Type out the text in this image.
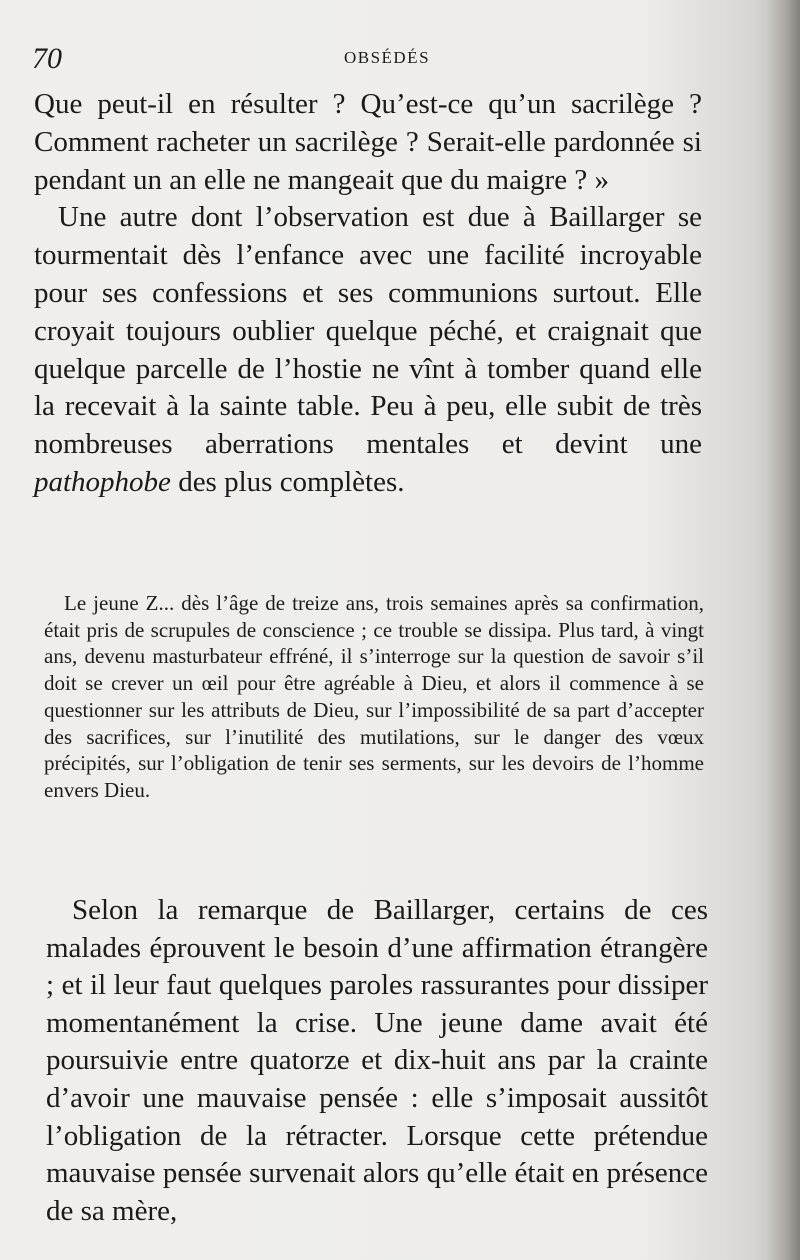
70	OBSÉDÉS

Que peut-il en résulter ? Qu’est-ce qu’un sacrilège ? Comment racheter un sacrilège ? Serait-elle pardonnée si pendant un an elle ne mangeait que du maigre ? »

Une autre dont l’observation est due à Baillarger se tourmentait dès l’enfance avec une facilité incroyable pour ses confessions et ses communions surtout. Elle croyait toujours oublier quelque péché, et craignait que quelque parcelle de l’hostie ne vînt à tomber quand elle la recevait à la sainte table. Peu à peu, elle subit de très nombreuses aberrations mentales et devint une pathophobe des plus complètes.

Le jeune Z... dès l’âge de treize ans, trois semaines après sa confirmation, était pris de scrupules de conscience ; ce trouble se dissipa. Plus tard, à vingt ans, devenu masturbateur effréné, il s’interroge sur la question de savoir s’il doit se crever un œil pour être agréable à Dieu, et alors il commence à se questionner sur les attributs de Dieu, sur l’impossibilité de sa part d’accepter des sacrifices, sur l’inutilité des mutilations, sur le danger des vœux précipités, sur l’obligation de tenir ses serments, sur les devoirs de l’homme envers Dieu.

Selon la remarque de Baillarger, certains de ces malades éprouvent le besoin d’une affirmation étrangère ; et il leur faut quelques paroles rassurantes pour dissiper momentanément la crise. Une jeune dame avait été poursuivie entre quatorze et dix-huit ans par la crainte d’avoir une mauvaise pensée : elle s’imposait aussitôt l’obligation de la rétracter. Lorsque cette prétendue mauvaise pensée survenait alors qu’elle était en présence de sa mère,
